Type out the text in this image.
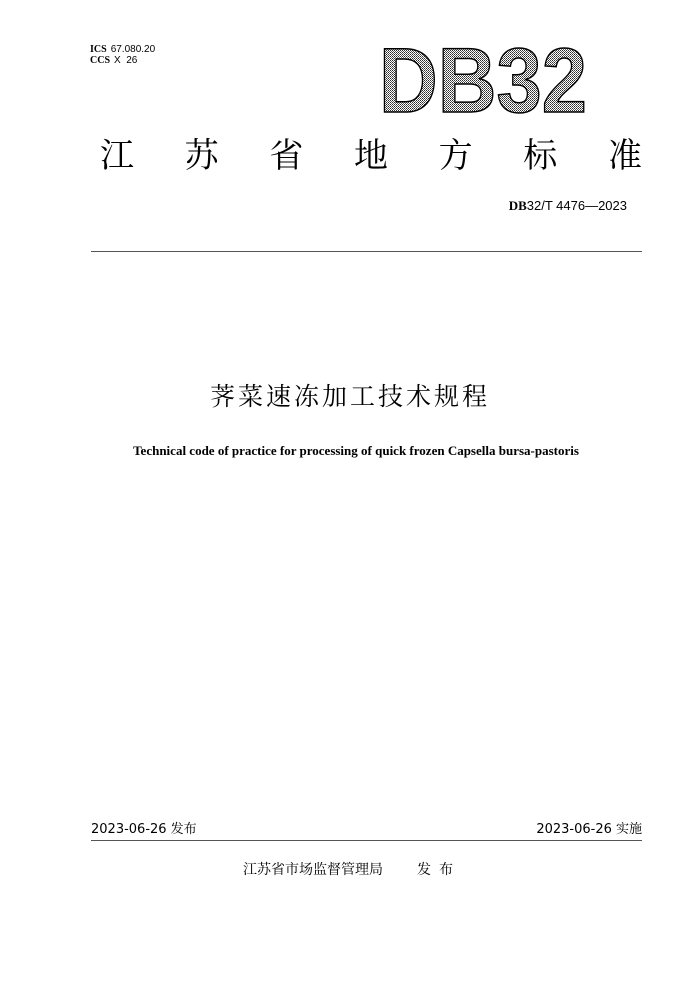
ICS 67.080.20
CCS X  26	DB32
江 苏 省 地 方 标 准
DB32/T 4476—2023
荠菜速冻加工技术规程
Technical code of practice for processing of quick frozen Capsella bursa-pastoris
2023-06-26 发布	2023-06-26 实施
江苏省市场监督管理局 发布
